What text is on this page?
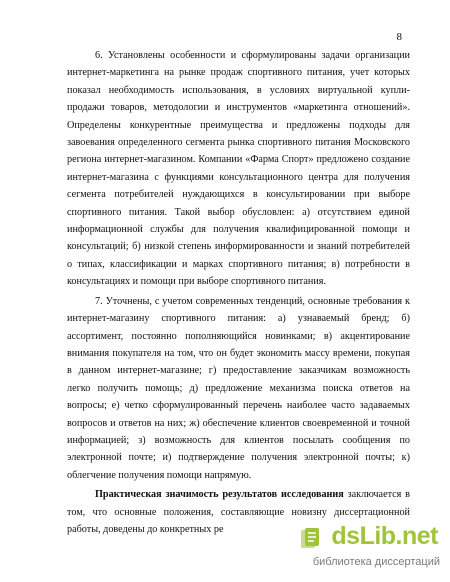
8

6. Установлены особенности и сформулированы задачи организации интернет-маркетинга на рынке продаж спортивного питания, учет которых показал необходимость использования, в условиях виртуальной купли-продажи товаров, методологии и инструментов «маркетинга отношений». Определены конкурентные преимущества и предложены подходы для завоевания определенного сегмента рынка спортивного питания Московского региона интернет-магазином. Компании «Фарма Спорт» предложено создание интернет-магазина с функциями консультационного центра для получения сегмента потребителей нуждающихся в консультировании при выборе спортивного питания. Такой выбор обусловлен: а) отсутствием единой информационной службы для получения квалифицированной помощи и консультаций; б) низкой степень информированности и знаний потребителей о типах, классификации и марках спортивного питания; в) потребности в консультациях и помощи при выборе спортивного питания.

7. Уточнены, с учетом современных тенденций, основные требования к интернет-магазину спортивного питания: а) узнаваемый бренд; б) ассортимент, постоянно пополняющийся новинками; в) акцентирование внимания покупателя на том, что он будет экономить массу времени, покупая в данном интернет-магазине; г) предоставление заказчикам возможность легко получить помощь; д) предложение механизма поиска ответов на вопросы; е) четко сформулированный перечень наиболее часто задаваемых вопросов и ответов на них; ж) обеспечение клиентов своевременной и точной информацией; з) возможность для клиентов посылать сообщения по электронной почте; и) подтверждение получения электронной почты; к) облегчение получения помощи напрямую.

Практическая значимость результатов исследования заключается в том, что основные положения, составляющие новизну диссертационной работы, доведены до конкретных ре	dsLib.net
библиотека диссертаций
